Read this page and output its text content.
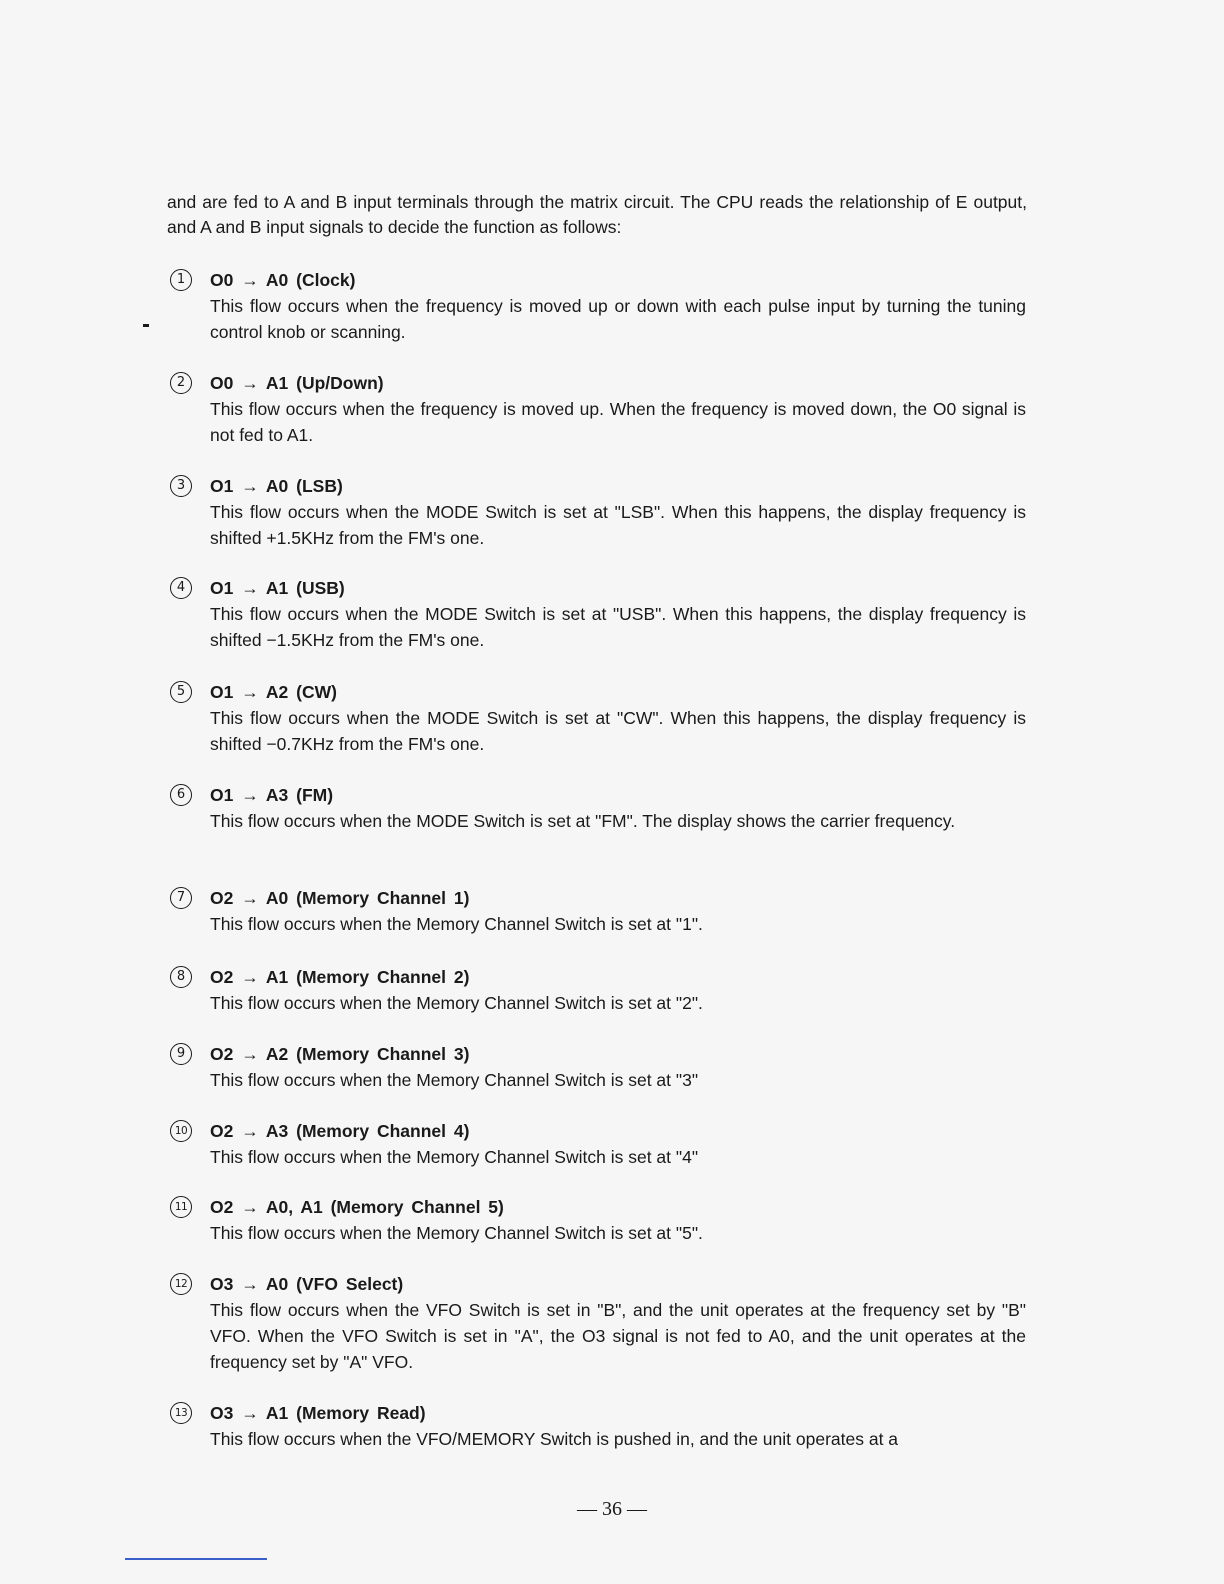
and are fed to A and B input terminals through the matrix circuit. The CPU reads the relationship of E output, and A and B input signals to decide the function as follows:
1	O0 → A0 (Clock)
This flow occurs when the frequency is moved up or down with each pulse input by turning the tuning control knob or scanning.
2	O0 → A1 (Up/Down)
This flow occurs when the frequency is moved up. When the frequency is moved down, the O0 signal is not fed to A1.
3	O1 → A0 (LSB)
This flow occurs when the MODE Switch is set at "LSB". When this happens, the display frequency is shifted +1.5KHz from the FM's one.
4	O1 → A1 (USB)
This flow occurs when the MODE Switch is set at "USB". When this happens, the display frequency is shifted −1.5KHz from the FM's one.
5	O1 → A2 (CW)
This flow occurs when the MODE Switch is set at "CW". When this happens, the display frequency is shifted −0.7KHz from the FM's one.
6	O1 → A3 (FM)
This flow occurs when the MODE Switch is set at "FM". The display shows the carrier frequency.
7	O2 → A0 (Memory Channel 1)
This flow occurs when the Memory Channel Switch is set at "1".
8	O2 → A1 (Memory Channel 2)
This flow occurs when the Memory Channel Switch is set at "2".
9	O2 → A2 (Memory Channel 3)
This flow occurs when the Memory Channel Switch is set at "3"
10 O2 → A3 (Memory Channel 4)
This flow occurs when the Memory Channel Switch is set at "4"
11 O2 → A0, A1 (Memory Channel 5)
This flow occurs when the Memory Channel Switch is set at "5".
12 O3 → A0 (VFO Select)
This flow occurs when the VFO Switch is set in "B", and the unit operates at the frequency set by "B" VFO. When the VFO Switch is set in "A", the O3 signal is not fed to A0, and the unit operates at the frequency set by "A" VFO.
13 O3 → A1 (Memory Read)
This flow occurs when the VFO/MEMORY Switch is pushed in, and the unit operates at a
— 36 —
